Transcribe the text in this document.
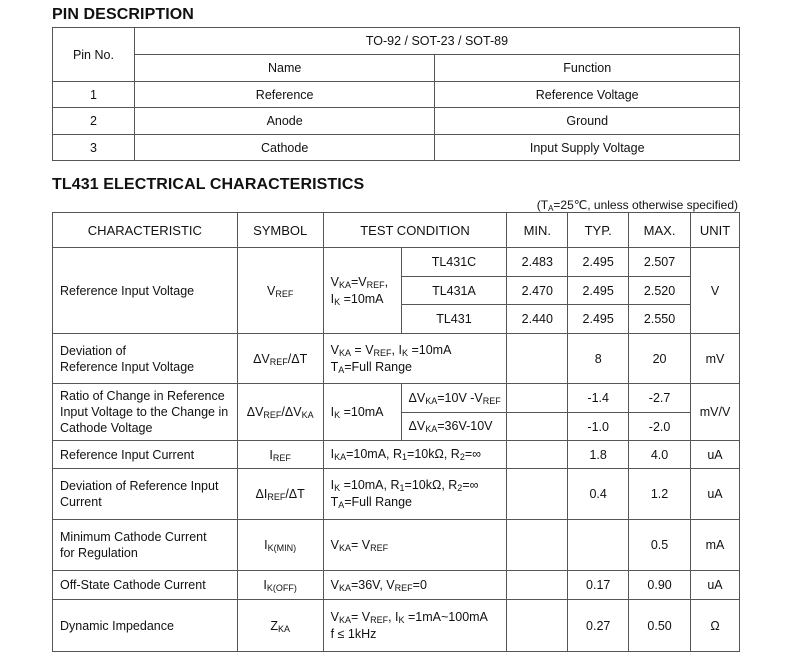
PIN DESCRIPTION
Pin No.	TO-92 / SOT-23 / SOT-89	
	Name	Function
1	Reference	Reference Voltage
2	Anode	Ground
3	Cathode	Input Supply Voltage
TL431 ELECTRICAL CHARACTERISTICS
(TA=25℃, unless otherwise specified)
CHARACTERISTIC	SYMBOL	TEST CONDITION		MIN.	TYP.	MAX.	UNIT
Reference Input Voltage	VREF	VKA=VREF,
IK =10mA	TL431C	2.483	2.495	2.507	V
			TL431A	2.470	2.495	2.520	
			TL431	2.440	2.495	2.550	
Deviation of
Reference Input Voltage	ΔVREF/ΔT	VKA = VREF, IK =10mA
TA=Full Range			8	20	mV
Ratio of Change in Reference
Input Voltage to the Change in
Cathode Voltage	ΔVREF/ΔVKA	IK =10mA	ΔVKA=10V -VREF		-1.4	-2.7	mV/V
			ΔVKA=36V-10V		-1.0	-2.0	
Reference Input Current	IREF	IKA=10mA, R1=10kΩ, R2=∞			1.8	4.0	uA
Deviation of Reference Input
Current	ΔIREF/ΔT	IK =10mA, R1=10kΩ, R2=∞
TA=Full Range			0.4	1.2	uA
Minimum Cathode Current
for Regulation	IK(MIN)	VKA= VREF				0.5	mA
Off-State Cathode Current	IK(OFF)	VKA=36V, VREF=0			0.17	0.90	uA
Dynamic Impedance	ZKA	VKA= VREF, IK =1mA~100mA
f ≤ 1kHz			0.27	0.50	Ω
